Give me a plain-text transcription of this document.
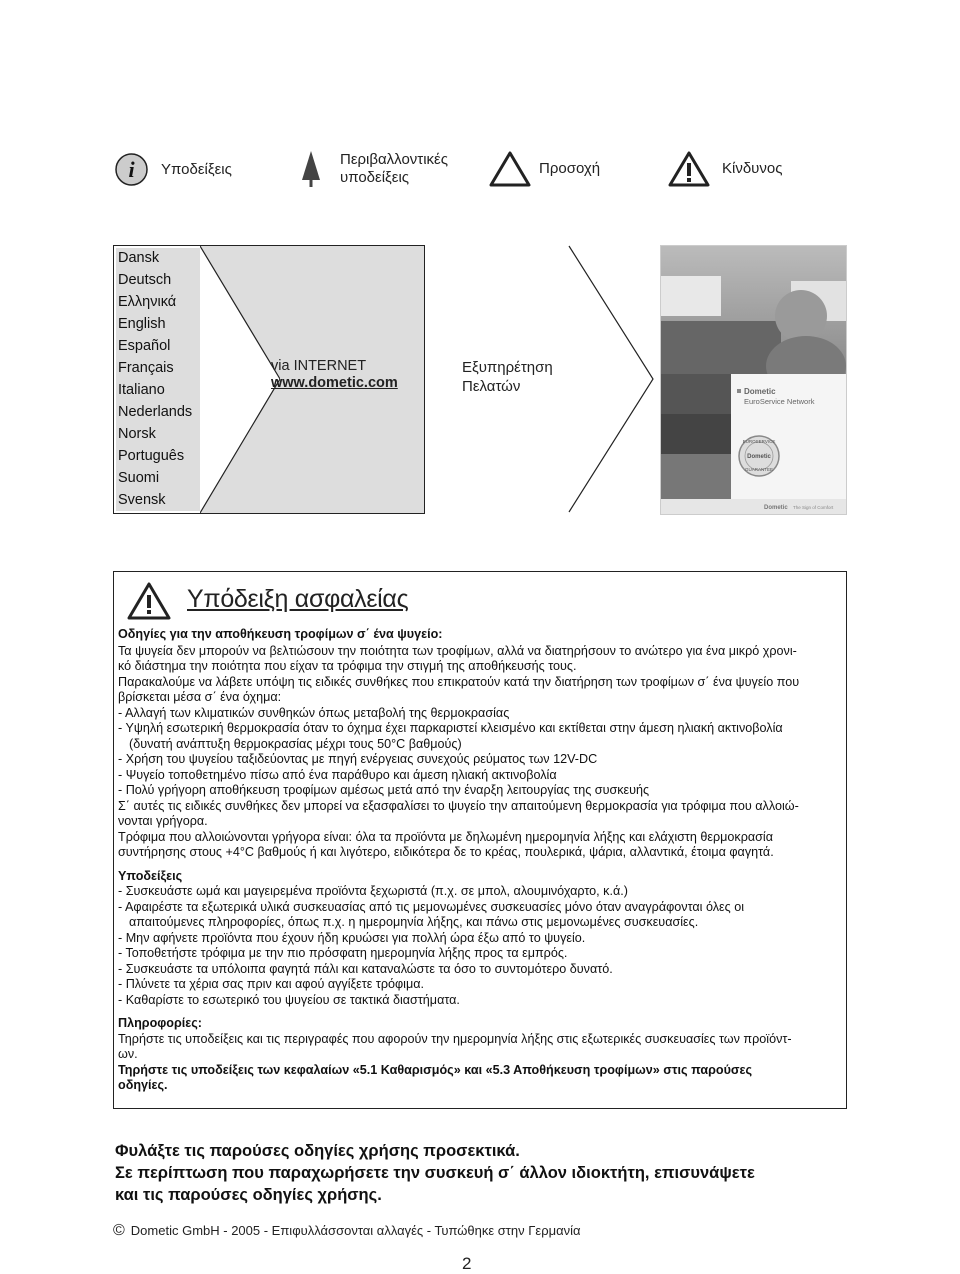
i Υποδείξεις
Περιβαλλοντικές
υποδείξεις
Προσοχή	Κίνδυνος
Dansk
Deutsch
Ελληνικά
English
Español
Français
Italiano
Nederlands
Norsk
Português
Suomi
Svensk
via INTERNET
www.dometic.com
Εξυπηρέτηση
Πελατών	Dometic
EuroService Network
EUROSERVICE
Dometic
GUARANTEE
Dometic The Sign of Comfort
Υπόδειξη ασφαλείας

Οδηγίες για την αποθήκευση τροφίμων σ΄ ένα ψυγείο:

Τα ψυγεία δεν μπορούν να βελτιώσουν την ποιότητα των τροφίμων, αλλά να διατηρήσουν το ανώτερο για ένα μικρό χρονι-

κό διάστημα την ποιότητα που είχαν τα τρόφιμα την στιγμή της αποθήκευσής τους.

Παρακαλούμε να λάβετε υπόψη τις ειδικές συνθήκες που επικρατούν κατά την διατήρηση των τροφίμων σ΄ ένα ψυγείο που

βρίσκεται μέσα σ΄ ένα όχημα:

- Αλλαγή των κλιματικών συνθηκών όπως μεταβολή της θερμοκρασίας

- Υψηλή εσωτερική θερμοκρασία όταν το όχημα έχει παρκαριστεί κλεισμένο και εκτίθεται στην άμεση ηλιακή ακτινοβολία

(δυνατή ανάπτυξη θερμοκρασίας μέχρι τους 50°C βαθμούς)

- Χρήση του ψυγείου ταξιδεύοντας με πηγή ενέργειας συνεχούς ρεύματος των 12V-DC

- Ψυγείο τοποθετημένο πίσω από ένα παράθυρο και άμεση ηλιακή ακτινοβολία

- Πολύ γρήγορη αποθήκευση τροφίμων αμέσως μετά από την έναρξη λειτουργίας της συσκευής

Σ΄ αυτές τις ειδικές συνθήκες δεν μπορεί να εξασφαλίσει το ψυγείο την απαιτούμενη θερμοκρασία για τρόφιμα που αλλοιώ-

νονται γρήγορα.

Τρόφιμα που αλλοιώνονται γρήγορα είναι: όλα τα προϊόντα με δηλωμένη ημερομηνία λήξης και ελάχιστη θερμοκρασία

συντήρησης στους +4°C βαθμούς ή και λιγότερο, ειδικότερα δε το κρέας, πουλερικά, ψάρια, αλλαντικά, έτοιμα φαγητά.

Υποδείξεις

- Συσκευάστε ωμά και μαγειρεμένα προϊόντα ξεχωριστά (π.χ. σε μπολ, αλουμινόχαρτο, κ.ά.)

- Αφαιρέστε τα εξωτερικά υλικά συσκευασίας από τις μεμονωμένες συσκευασίες μόνο όταν αναγράφονται όλες οι

απαιτούμενες πληροφορίες, όπως π.χ. η ημερομηνία λήξης, και πάνω στις μεμονωμένες συσκευασίες.

- Μην αφήνετε προϊόντα που έχουν ήδη κρυώσει για πολλή ώρα έξω από το ψυγείο.

- Τοποθετήστε τρόφιμα με την πιο πρόσφατη ημερομηνία λήξης προς τα εμπρός.

- Συσκευάστε τα υπόλοιπα φαγητά πάλι και καταναλώστε τα όσο το συντομότερο δυνατό.

- Πλύνετε τα χέρια σας πριν και αφού αγγίξετε τρόφιμα.

- Καθαρίστε το εσωτερικό του ψυγείου σε τακτικά διαστήματα.

Πληροφορίες:

Τηρήστε τις υποδείξεις και τις περιγραφές που αφορούν την ημερομηνία λήξης στις εξωτερικές συσκευασίες των προϊόντ-

ων.

Τηρήστε τις υποδείξεις των κεφαλαίων «5.1 Καθαρισμός» και «5.3 Αποθήκευση τροφίμων» στις παρούσες

οδηγίες.

Φυλάξτε τις παρούσες οδηγίες χρήσης προσεκτικά.
Σε περίπτωση που παραχωρήσετε την συσκευή σ΄ άλλον ιδιοκτήτη, επισυνάψετε
και τις παρούσες οδηγίες χρήσης.
© Dometic GmbH - 2005 - Επιφυλλάσσονται αλλαγές - Τυπώθηκε στην Γερμανία
2
